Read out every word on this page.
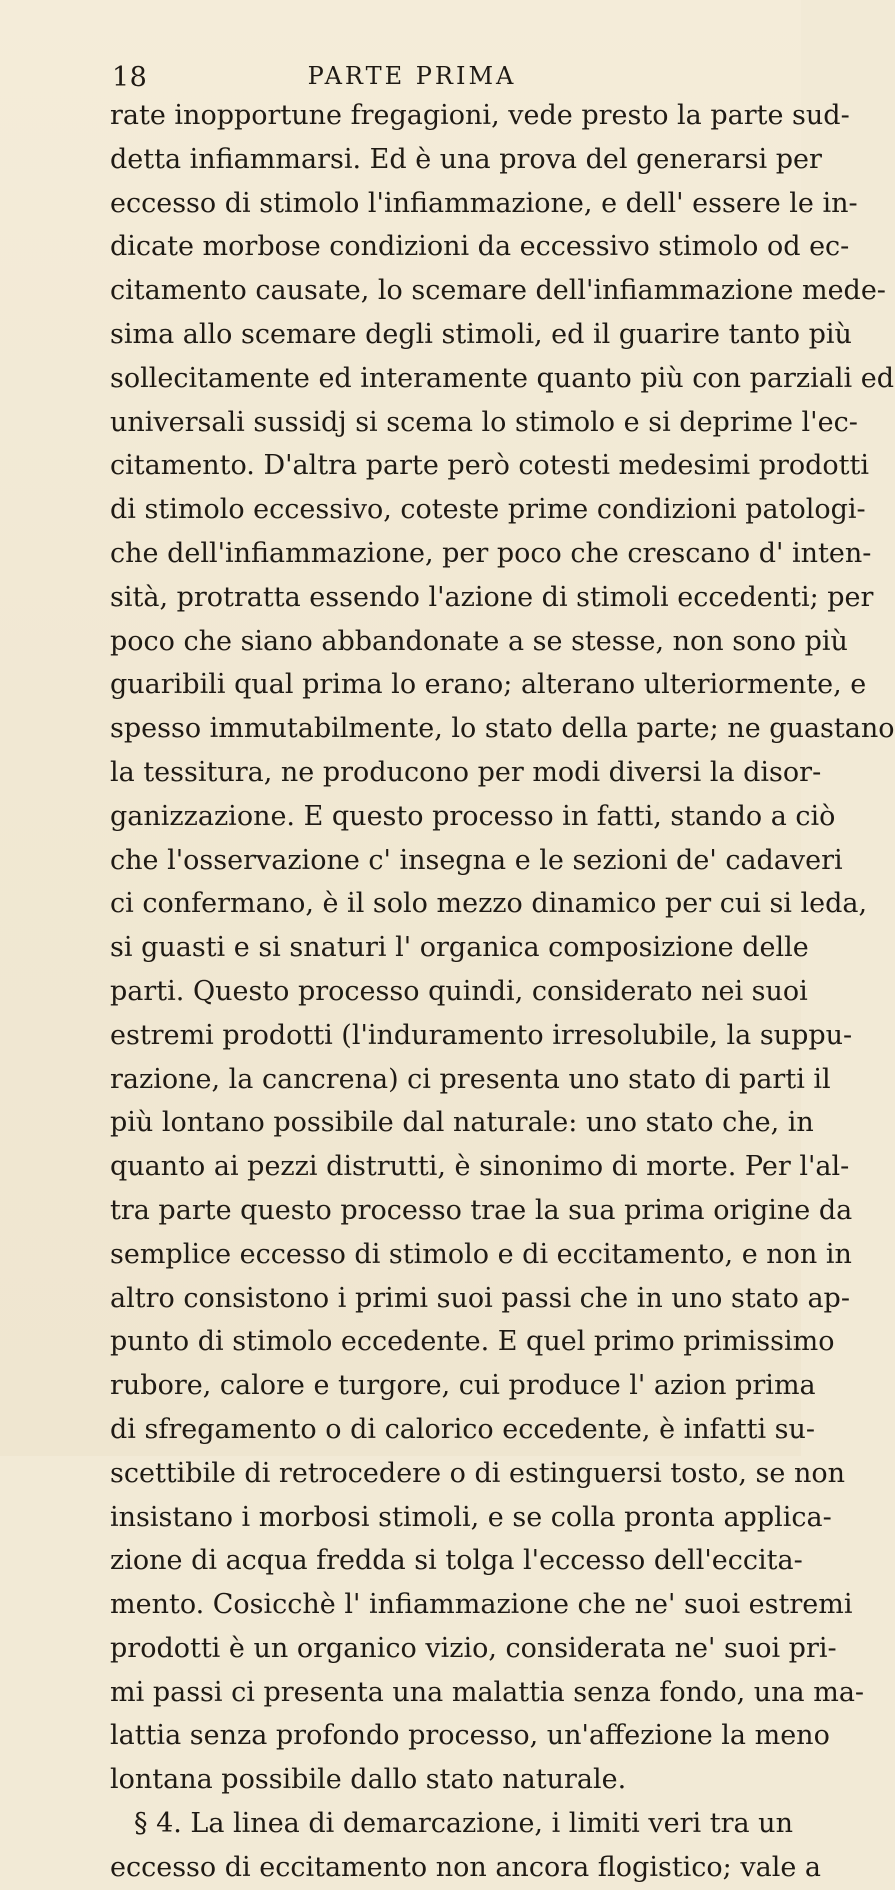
18	PARTE PRIMA
rate inopportune fregagioni, vede presto la parte sud-
detta infiammarsi. Ed è una prova del generarsi per
eccesso di stimolo l'infiammazione, e dell' essere le in-
dicate morbose condizioni da eccessivo stimolo od ec-
citamento causate, lo scemare dell'infiammazione mede-
sima allo scemare degli stimoli, ed il guarire tanto più
sollecitamente ed interamente quanto più con parziali ed
universali sussidj si scema lo stimolo e si deprime l'ec-
citamento. D'altra parte però cotesti medesimi prodotti
di stimolo eccessivo, coteste prime condizioni patologi-
che dell'infiammazione, per poco che crescano d' inten-
sità, protratta essendo l'azione di stimoli eccedenti; per
poco che siano abbandonate a se stesse, non sono più
guaribili qual prima lo erano; alterano ulteriormente, e
spesso immutabilmente, lo stato della parte; ne guastano
la tessitura, ne producono per modi diversi la disor-
ganizzazione. E questo processo in fatti, stando a ciò
che l'osservazione c' insegna e le sezioni de' cadaveri
ci confermano, è il solo mezzo dinamico per cui si leda,
si guasti e si snaturi l' organica composizione delle
parti. Questo processo quindi, considerato nei suoi
estremi prodotti (l'induramento irresolubile, la suppu-
razione, la cancrena) ci presenta uno stato di parti il
più lontano possibile dal naturale: uno stato che, in
quanto ai pezzi distrutti, è sinonimo di morte. Per l'al-
tra parte questo processo trae la sua prima origine da
semplice eccesso di stimolo e di eccitamento, e non in
altro consistono i primi suoi passi che in uno stato ap-
punto di stimolo eccedente. E quel primo primissimo
rubore, calore e turgore, cui produce l' azion prima
di sfregamento o di calorico eccedente, è infatti su-
scettibile di retrocedere o di estinguersi tosto, se non
insistano i morbosi stimoli, e se colla pronta applica-
zione di acqua fredda si tolga l'eccesso dell'eccita-
mento. Cosicchè l' infiammazione che ne' suoi estremi
prodotti è un organico vizio, considerata ne' suoi pri-
mi passi ci presenta una malattia senza fondo, una ma-
lattia senza profondo processo, un'affezione la meno
lontana possibile dallo stato naturale.
§ 4. La linea di demarcazione, i limiti veri tra un
eccesso di eccitamento non ancora flogistico; vale a
